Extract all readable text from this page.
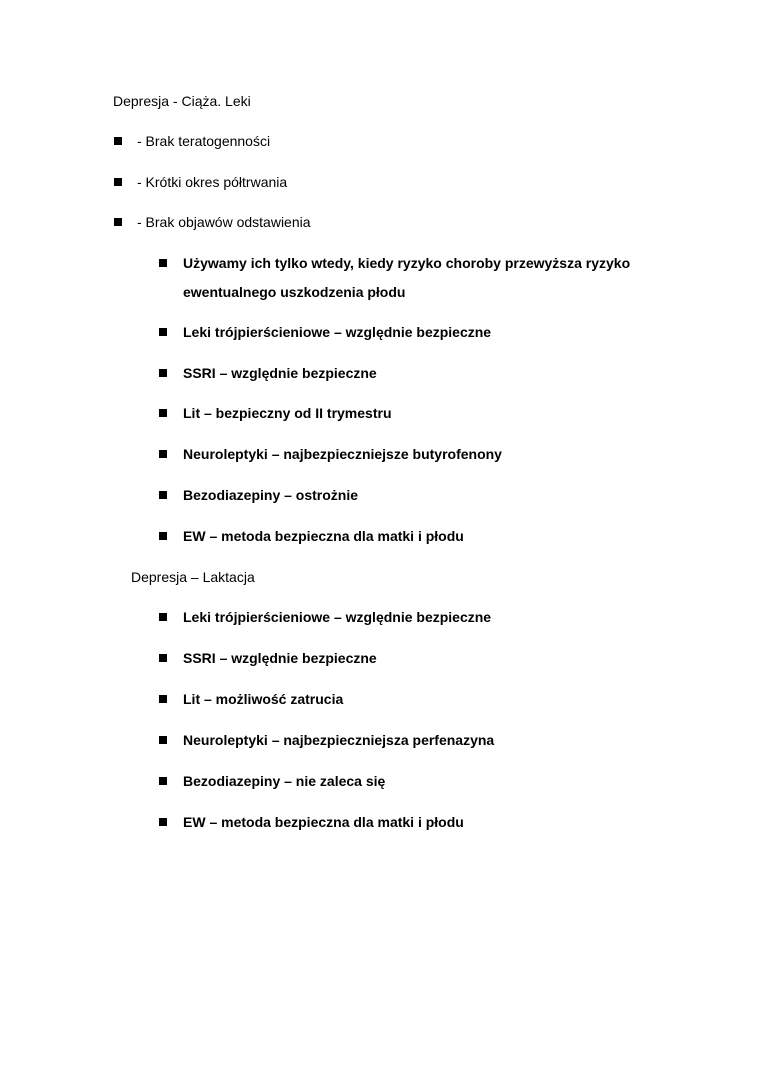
Depresja - Ciąża. Leki
- Brak teratogenności
- Krótki okres półtrwania
- Brak objawów odstawienia
Używamy ich tylko wtedy, kiedy ryzyko choroby przewyższa ryzyko
ewentualnego uszkodzenia płodu
Leki trójpierścieniowe – względnie bezpieczne
SSRI – względnie bezpieczne
Lit – bezpieczny od II trymestru
Neuroleptyki – najbezpieczniejsze butyrofenony
Bezodiazepiny – ostrożnie
EW – metoda bezpieczna dla matki i płodu
Depresja – Laktacja
Leki trójpierścieniowe – względnie bezpieczne
SSRI – względnie bezpieczne
Lit – możliwość zatrucia
Neuroleptyki – najbezpieczniejsza perfenazyna
Bezodiazepiny – nie zaleca się
EW – metoda bezpieczna dla matki i płodu
